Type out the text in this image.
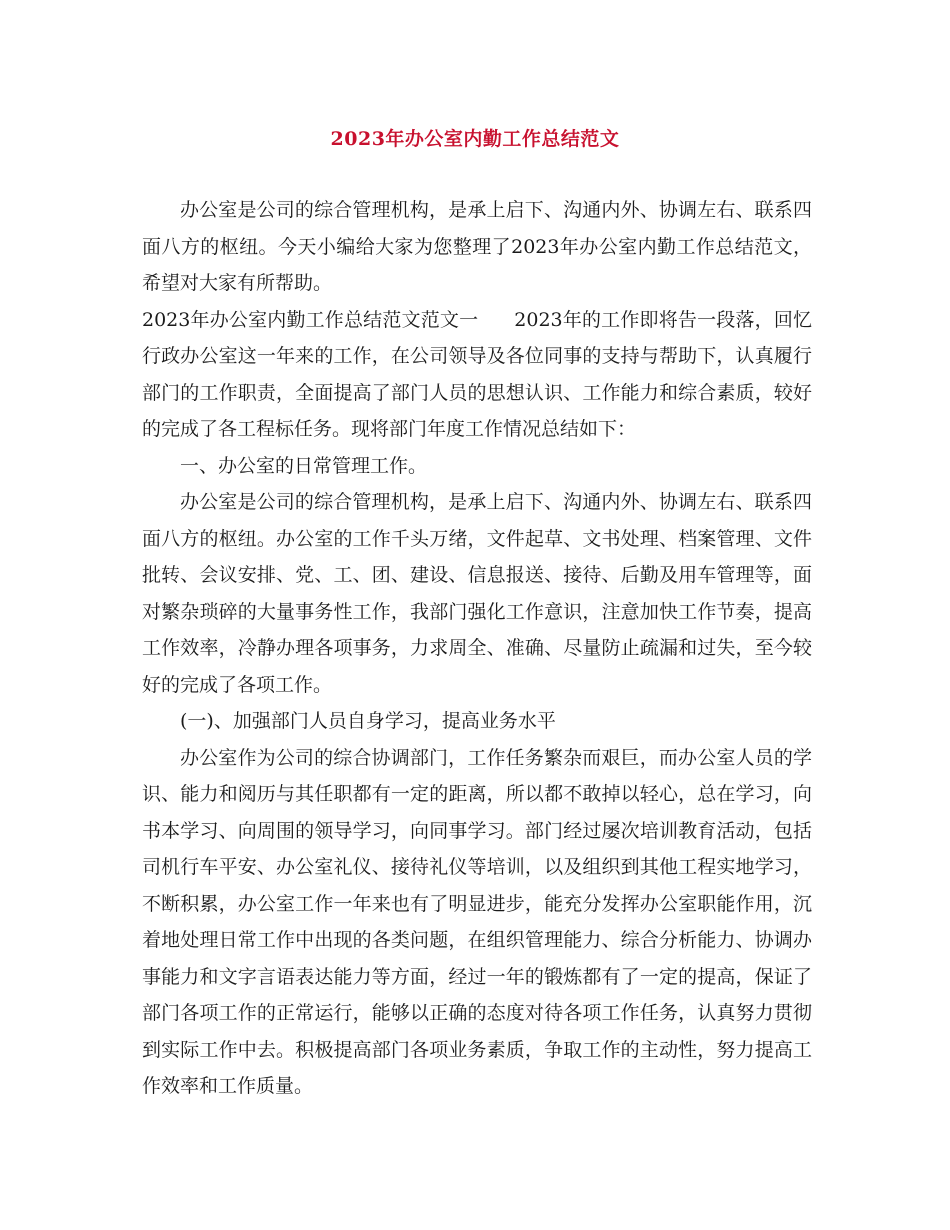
2023年办公室内勤工作总结范文

办公室是公司的综合管理机构，是承上启下、沟通内外、协调左右、联系四面八方的枢纽。今天小编给大家为您整理了2023年办公室内勤工作总结范文，希望对大家有所帮助。

2023年办公室内勤工作总结范文范文一 2023年的工作即将告一段落，回忆行政办公室这一年来的工作，在公司领导及各位同事的支持与帮助下，认真履行部门的工作职责，全面提高了部门人员的思想认识、工作能力和综合素质，较好的完成了各工程标任务。现将部门年度工作情况总结如下：

一、办公室的日常管理工作。

办公室是公司的综合管理机构，是承上启下、沟通内外、协调左右、联系四面八方的枢纽。办公室的工作千头万绪，文件起草、文书处理、档案管理、文件批转、会议安排、党、工、团、建设、信息报送、接待、后勤及用车管理等，面对繁杂琐碎的大量事务性工作，我部门强化工作意识，注意加快工作节奏，提高工作效率，冷静办理各项事务，力求周全、准确、尽量防止疏漏和过失，至今较好的完成了各项工作。

(一)、加强部门人员自身学习，提高业务水平

办公室作为公司的综合协调部门，工作任务繁杂而艰巨，而办公室人员的学识、能力和阅历与其任职都有一定的距离，所以都不敢掉以轻心，总在学习，向书本学习、向周围的领导学习，向同事学习。部门经过屡次培训教育活动，包括司机行车平安、办公室礼仪、接待礼仪等培训，以及组织到其他工程实地学习，不断积累，办公室工作一年来也有了明显进步，能充分发挥办公室职能作用，沉着地处理日常工作中出现的各类问题，在组织管理能力、综合分析能力、协调办事能力和文字言语表达能力等方面，经过一年的锻炼都有了一定的提高，保证了部门各项工作的正常运行，能够以正确的态度对待各项工作任务，认真努力贯彻到实际工作中去。积极提高部门各项业务素质，争取工作的主动性，努力提高工作效率和工作质量。
